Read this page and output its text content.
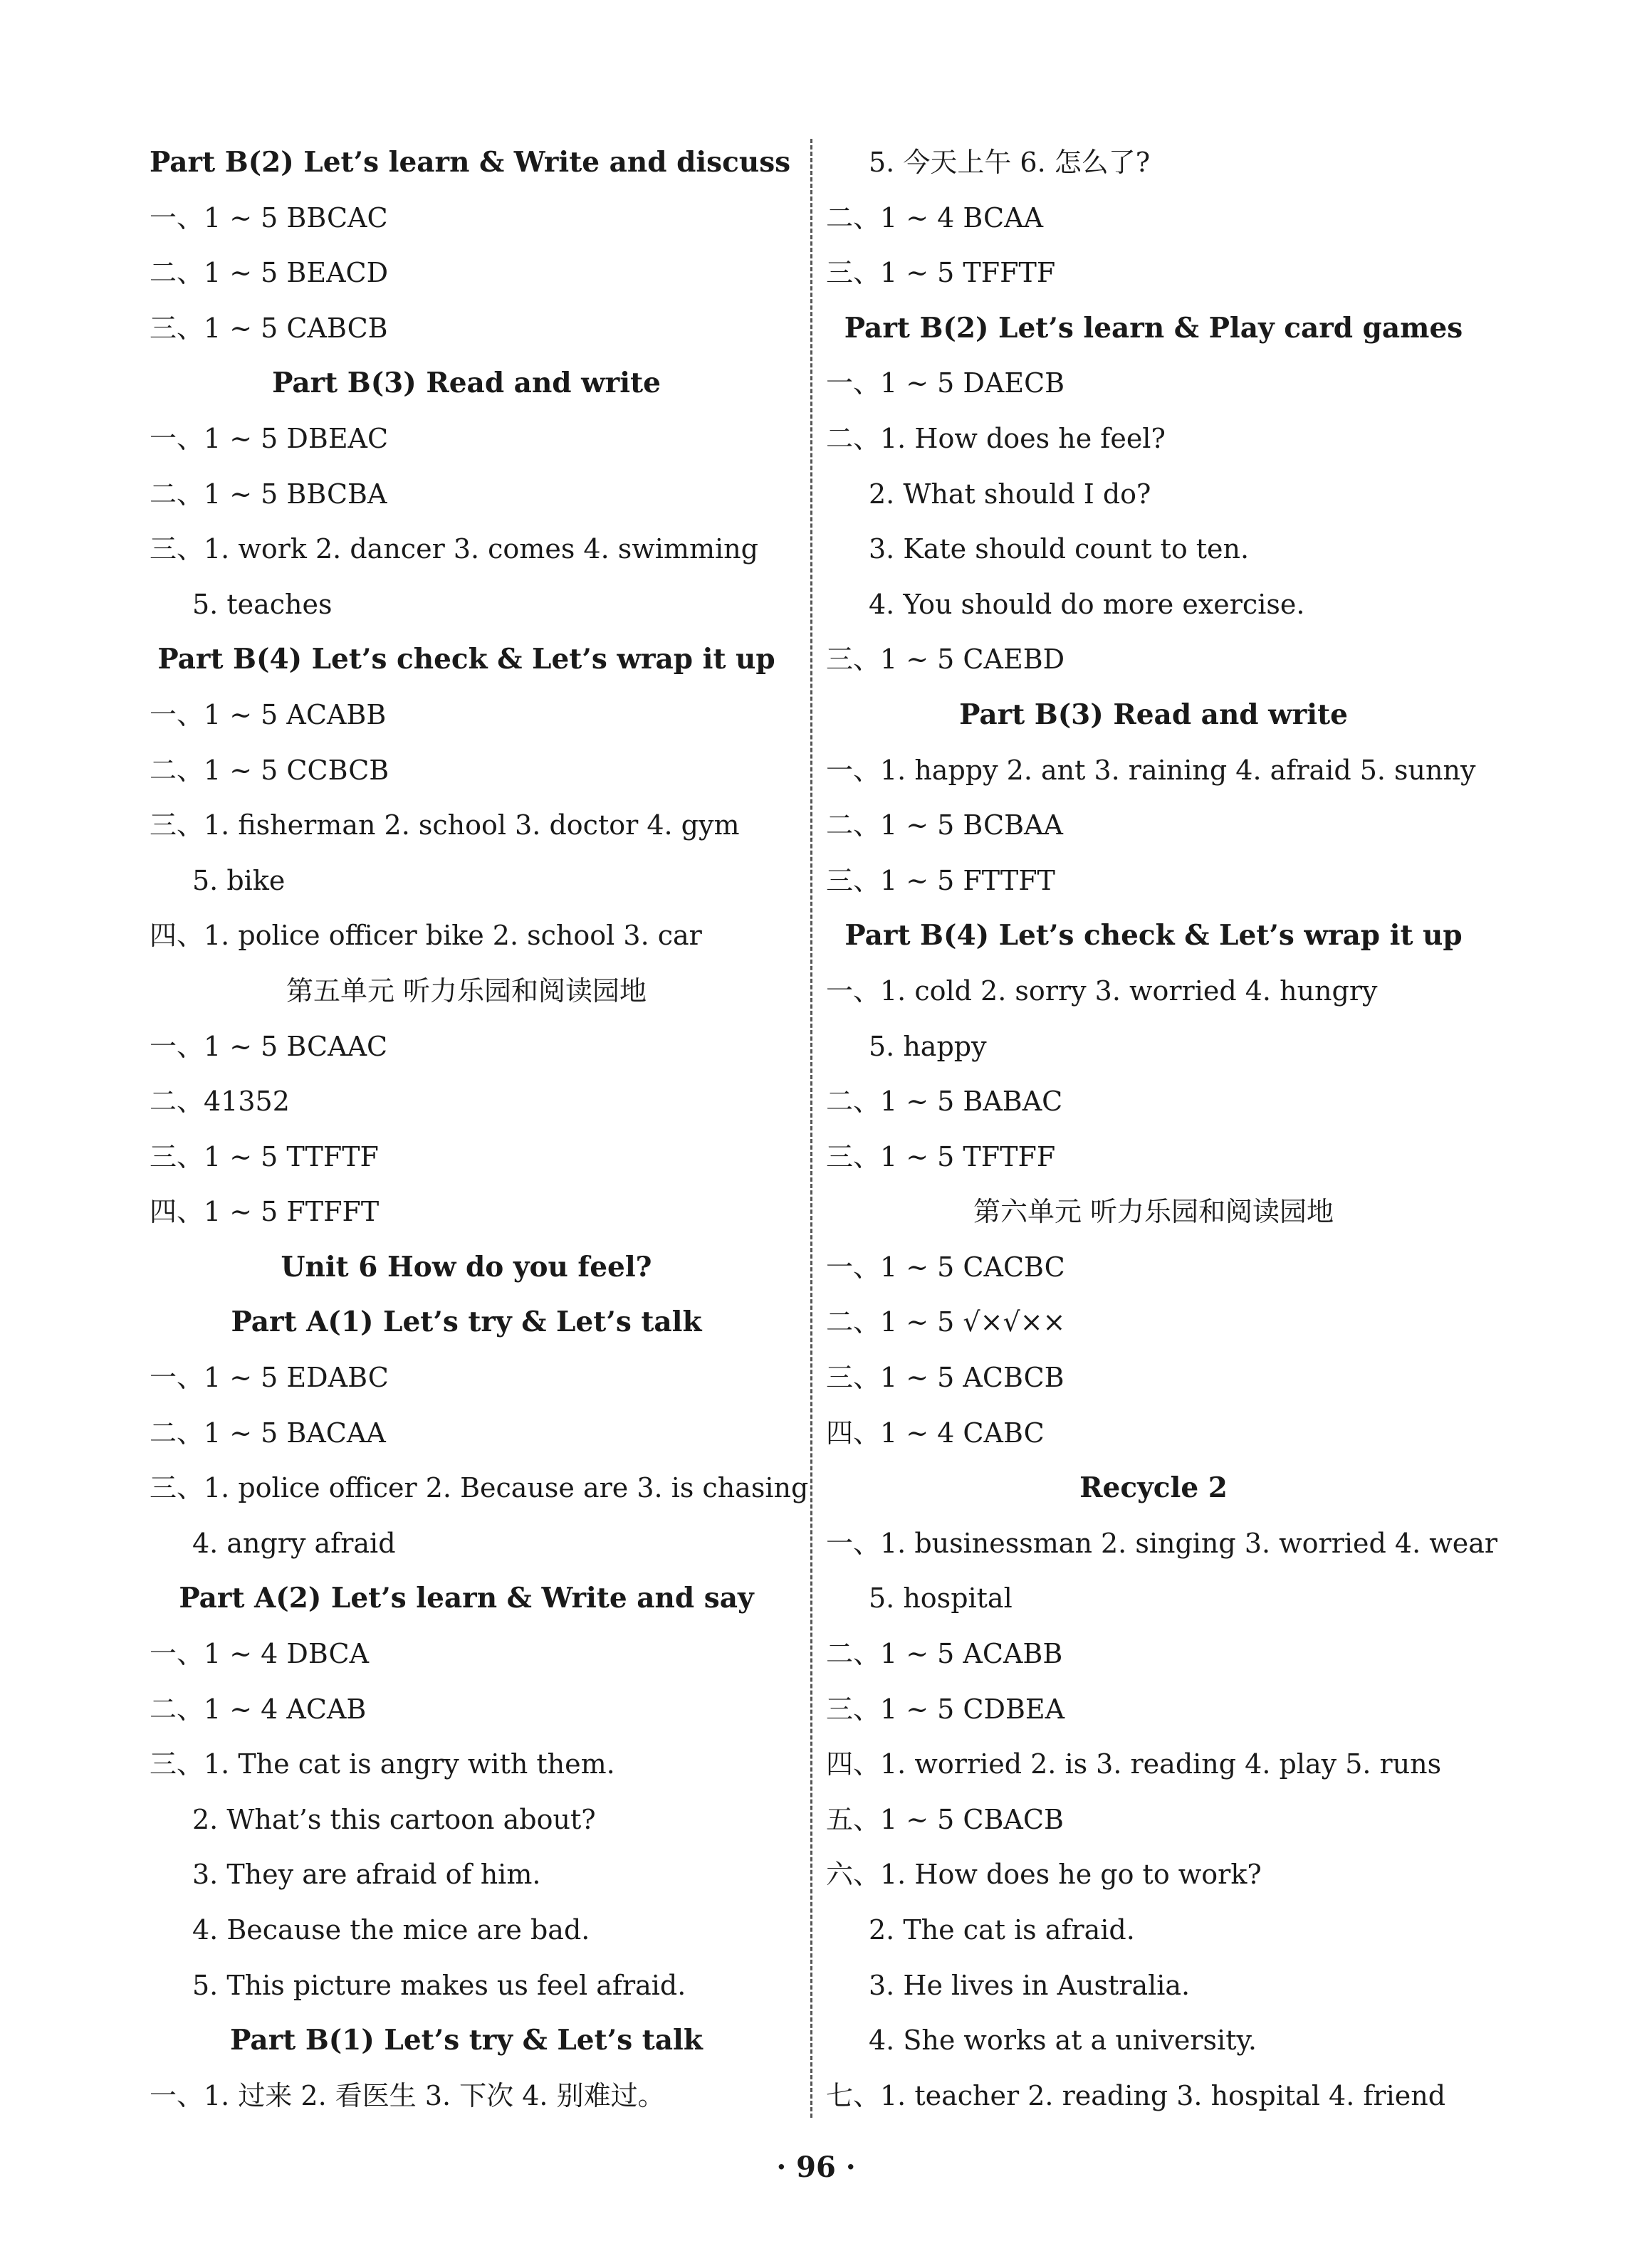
Part B(2) Let’s learn & Write and discuss
一、1 ~ 5 BBCAC
二、1 ~ 5 BEACD
三、1 ~ 5 CABCB
Part B(3) Read and write
一、1 ~ 5 DBEAC
二、1 ~ 5 BBCBA
三、1. work 2. dancer 3. comes 4. swimming
5. teaches
Part B(4) Let’s check & Let’s wrap it up
一、1 ~ 5 ACABB
二、1 ~ 5 CCBCB
三、1. fisherman 2. school 3. doctor 4. gym
5. bike
四、1. police officer bike 2. school 3. car
第五单元 听力乐园和阅读园地
一、1 ~ 5 BCAAC
二、41352
三、1 ~ 5 TTFTF
四、1 ~ 5 FTFFT
Unit 6 How do you feel?
Part A(1) Let’s try & Let’s talk
一、1 ~ 5 EDABC
二、1 ~ 5 BACAA
三、1. police officer 2. Because are 3. is chasing
4. angry afraid
Part A(2) Let’s learn & Write and say
一、1 ~ 4 DBCA
二、1 ~ 4 ACAB
三、1. The cat is angry with them.
2. What’s this cartoon about?
3. They are afraid of him.
4. Because the mice are bad.
5. This picture makes us feel afraid.
Part B(1) Let’s try & Let’s talk
一、1. 过来 2. 看医生 3. 下次 4. 别难过。
5. 今天上午 6. 怎么了?
二、1 ~ 4 BCAA
三、1 ~ 5 TFFTF
Part B(2) Let’s learn & Play card games
一、1 ~ 5 DAECB
二、1. How does he feel?
2. What should I do?
3. Kate should count to ten.
4. You should do more exercise.
三、1 ~ 5 CAEBD
Part B(3) Read and write
一、1. happy 2. ant 3. raining 4. afraid 5. sunny
二、1 ~ 5 BCBAA
三、1 ~ 5 FTTFT
Part B(4) Let’s check & Let’s wrap it up
一、1. cold 2. sorry 3. worried 4. hungry
5. happy
二、1 ~ 5 BABAC
三、1 ~ 5 TFTFF
第六单元 听力乐园和阅读园地
一、1 ~ 5 CACBC
二、1 ~ 5 √×√××
三、1 ~ 5 ACBCB
四、1 ~ 4 CABC
Recycle 2
一、1. businessman 2. singing 3. worried 4. wear
5. hospital
二、1 ~ 5 ACABB
三、1 ~ 5 CDBEA
四、1. worried 2. is 3. reading 4. play 5. runs
五、1 ~ 5 CBACB
六、1. How does he go to work?
2. The cat is afraid.
3. He lives in Australia.
4. She works at a university.
七、1. teacher 2. reading 3. hospital 4. friend
· 96 ·
